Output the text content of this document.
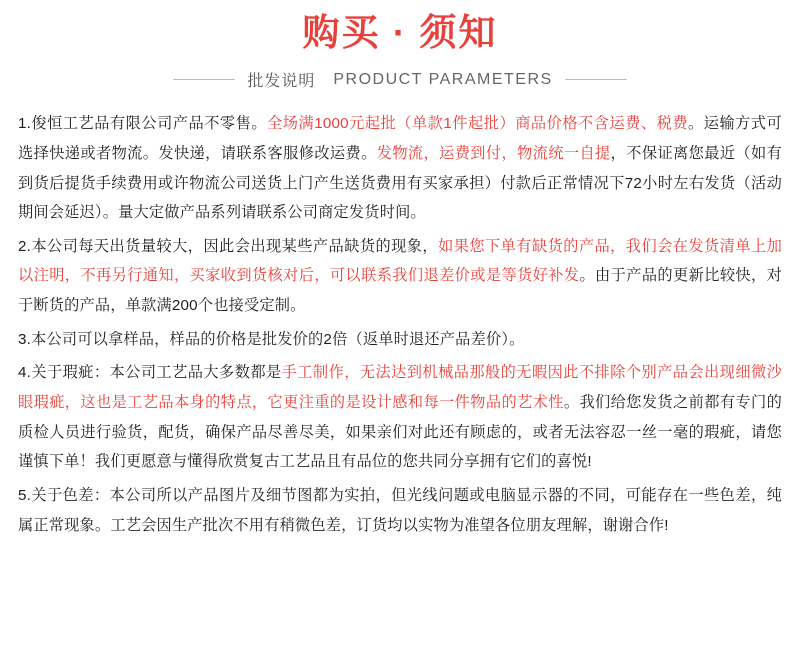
购买 · 须知
批发说明 PRODUCT PARAMETERS

1.俊恒工艺品有限公司产品不零售。全场满1000元起批（单款1件起批）商品价格不含运费、税费。运输方式可选择快递或者物流。发快递，请联系客服修改运费。发物流，运费到付，物流统一自提，不保证离您最近（如有到货后提货手续费用或许物流公司送货上门产生送货费用有买家承担）付款后正常情况下72小时左右发货（活动期间会延迟）。量大定做产品系列请联系公司商定发货时间。

2.本公司每天出货量较大，因此会出现某些产品缺货的现象，如果您下单有缺货的产品，我们会在发货清单上加以注明，不再另行通知，买家收到货核对后，可以联系我们退差价或是等货好补发。由于产品的更新比较快，对于断货的产品，单款满200个也接受定制。

3.本公司可以拿样品，样品的价格是批发价的2倍（返单时退还产品差价）。

4.关于瑕疵：本公司工艺品大多数都是手工制作，无法达到机械品那般的无暇因此不排除个别产品会出现细微沙眼瑕疵，这也是工艺品本身的特点，它更注重的是设计感和每一件物品的艺术性。我们给您发货之前都有专门的质检人员进行验货，配货，确保产品尽善尽美，如果亲们对此还有顾虑的，或者无法容忍一丝一毫的瑕疵，请您谨慎下单！我们更愿意与懂得欣赏复古工艺品且有品位的您共同分享拥有它们的喜悦!

5.关于色差：本公司所以产品图片及细节图都为实拍，但光线问题或电脑显示器的不同，可能存在一些色差，纯属正常现象。工艺会因生产批次不用有稍微色差，订货均以实物为准望各位朋友理解，谢谢合作!
